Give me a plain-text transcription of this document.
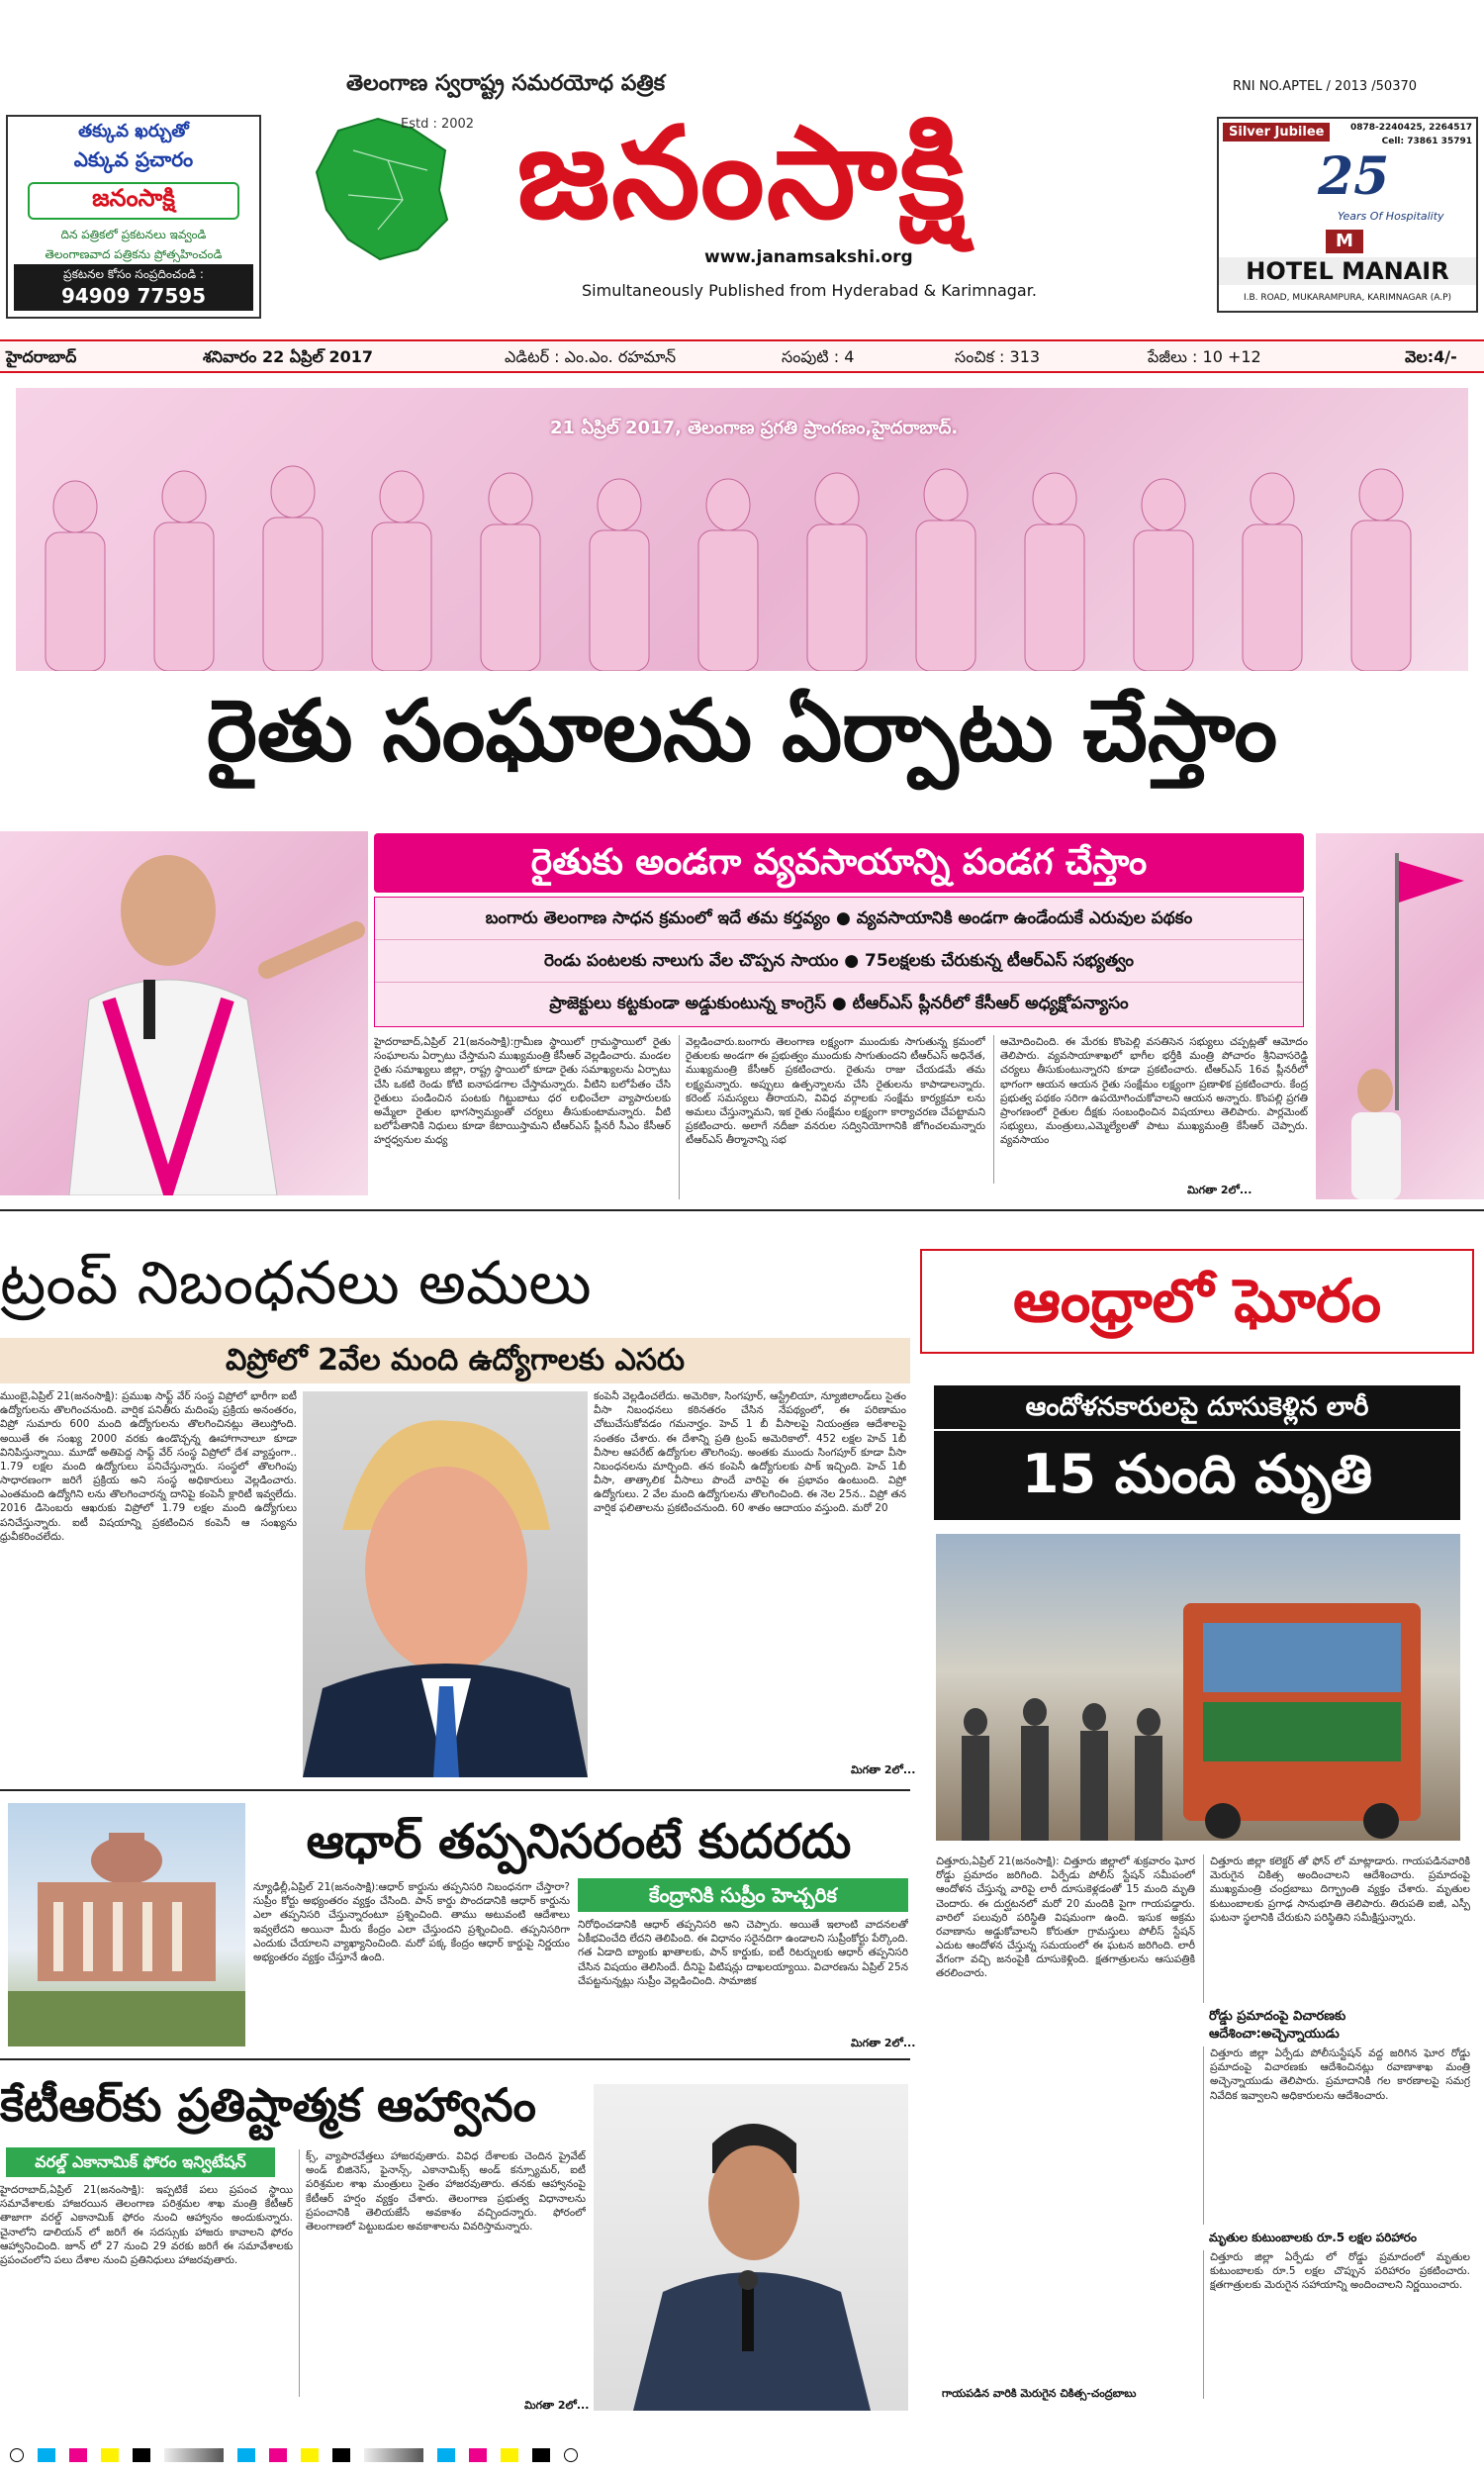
తక్కువ ఖర్చుతో
ఎక్కువ ప్రచారం
జనంసాక్షి
దిన పత్రికలో ప్రకటనలు ఇవ్వండి
తెలంగాణవాద పత్రికను ప్రోత్సహించండి
ప్రకటనల కోసం సంప్రదించండి :
94909 77595
తెలంగాణ స్వరాష్ట్ర సమరయోధ పత్రిక
Estd : 2002 జనంసాక్షి
www.janamsakshi.org
Simultaneously Published from Hyderabad & Karimnagar.
RNI NO.APTEL / 2013 /50370
Silver Jubilee	0878-2240425, 2264517
Cell: 73861 35791
25
Years Of Hospitality
M
HOTEL MANAIR
I.B. ROAD, MUKARAMPURA, KARIMNAGAR (A.P)
హైదరాబాద్	శనివారం 22 ఏప్రిల్ 2017	ఎడిటర్ : ఎం.ఎం. రహమాన్	సంపుటి : 4	సంచిక : 313	పేజీలు : 10 +12	వెల:4/-
21 ఏప్రిల్ 2017, తెలంగాణ ప్రగతి ప్రాంగణం,హైదరాబాద్.
రైతు సంఘాలను ఏర్పాటు చేస్తాం
రైతుకు అండగా వ్యవసాయాన్ని పండగ చేస్తాం
బంగారు తెలంగాణ సాధన క్రమంలో ఇదే తమ కర్తవ్యం ● వ్యవసాయానికి అండగా ఉండేందుకే ఎరువుల పథకం
రెండు పంటలకు నాలుగు వేల చొప్పన సాయం ● 75లక్షలకు చేరుకున్న టీఆర్ఎస్ సభ్యత్వం
ప్రాజెక్టులు కట్టకుండా అడ్డుకుంటున్న కాంగ్రెస్ ● టీఆర్ఎస్ ప్లీనరీలో కేసీఆర్ అధ్యక్షోపన్యాసం
హైదరాబాద్,ఏప్రిల్ 21(జనంసాక్షి):గ్రామీణ స్థాయిలో గ్రామస్థాయిలో రైతు సంఘాలను ఏర్పాటు చేస్తామని ముఖ్యమంత్రి కేసీఆర్ వెల్లడించారు. మండల రైతు సమాఖ్యలు జిల్లా, రాష్ట్ర స్థాయిలో కూడా రైతు సమాఖ్యలను ఏర్పాటు చేసి ఒకటి రెండు కోటి ఐనాపడగాల చేస్తామన్నారు. వీటిని బలోపేతం చేసి రైతులు పండించిన పంటకు గిట్టుబాటు ధర లభించేలా వ్యాపారులకు అమ్మేలా రైతుల భాగస్వామ్యంతో చర్యలు తీసుకుంటామన్నారు. వీటి బలోపేతానికి నిధులు కూడా కేటాయిస్తామని టీఆర్ఎస్ ప్లీనరీ సీఎం కేసీఆర్ హర్షధ్వనుల మధ్య
వెల్లడించారు.బంగారు తెలంగాణ లక్ష్యంగా ముందుకు సాగుతున్న క్రమంలో రైతులకు అండగా ఈ ప్రభుత్వం ముందుకు సాగుతుందని టీఆర్ఎస్ అధినేత, ముఖ్యమంత్రి కేసీఆర్ ప్రకటించారు. రైతును రాజు చేయడమే తమ లక్ష్యమన్నారు. అప్పులు ఉత్పన్నాలను చేసి రైతులను కాపాడాలన్నారు. కరెంట్ సమస్యలు తీరాయని, వివిధ వర్గాలకు సంక్షేమ కార్యక్రమా లను అమలు చేస్తున్నామని, ఇక రైతు సంక్షేమం లక్ష్యంగా కార్యాచరణ చేపట్టామని ప్రకటించారు. అలాగే నదీజా వనరుల సద్వినియోగానికి జోగించలమన్నారు టీఆర్ఎస్ తీర్మానాన్ని సభ
ఆమోదించింది. ఈ మేరకు కొంపెల్లి వసతిసెన సభ్యులు చప్పట్లతో ఆమోదం తెలిపారు. వ్యవసాయాశాఖలో భాగీల భర్తీకి మంత్రి పోచారం శ్రీనివాసరెడ్డి చర్యలు తీసుకుంటున్నారని కూడా ప్రకటించారు. టీఆర్ఎస్ 16వ ప్లీనరీలో భాగంగా ఆయన ఆయన రైతు సంక్షేమం లక్ష్యంగా ప్రణాళిక ప్రకటించారు. కేంద్ర ప్రభుత్వ పథకం సరిగా ఉపయోగించుకోవాలని ఆయన అన్నారు. కొంపల్లి ప్రగతి ప్రాంగణంలో రైతుల దీక్షకు సంబంధించిన విషయాలు తెలిపారు. పార్లమెంట్ సభ్యులు, మంత్రులు,ఎమ్మెల్యేలతో పాటు ముఖ్యమంత్రి కేసీఆర్ చెప్పారు. వ్యవసాయం
మిగతా 2లో...
ట్రంప్ నిబంధనలు అమలు
విప్రోలో 2వేల మంది ఉద్యోగాలకు ఎసరు
ముంబై,ఏప్రిల్ 21(జనంసాక్షి): ప్రముఖ సాఫ్ట్ వేర్ సంస్థ విప్రోలో భారీగా ఐటీ ఉద్యోగులను తొలగించనుంది. వార్షిక పనితీరు మదింపు ప్రక్రియ అనంతరం, విప్రో సుమారు 600 మంది ఉద్యోగులను తొలగించినట్లు తెలుస్తోంది. అయితే ఈ సంఖ్య 2000 వరకు ఉండొచ్చన్న ఊహాగానాలూ కూడా వినిపిస్తున్నాయి. మూడో అతిపెద్ద సాఫ్ట్ వేర్ సంస్థ విప్రోలో దేశ వ్యాప్తంగా.. 1.79 లక్షల మంది ఉద్యోగులు పనిచేస్తున్నారు. సంస్థలో తొలగింపు సాధారణంగా జరిగే ప్రక్రియ అని సంస్థ అధికారులు వెల్లడించారు. ఎంతమంది ఉద్యోగిని లను తొలగించారన్న దానిపై కంపెనీ క్లారిటీ ఇవ్వలేదు. 2016 డిసెంబరు ఆఖరుకు విప్రోలో 1.79 లక్షల మంది ఉద్యోగులు పనిచేస్తున్నారు. ఐటీ విషయాన్ని ప్రకటించిన కంపెనీ ఆ సంఖ్యను ధ్రువీకరించలేదు.
కంపెనీ వెల్లడించలేదు. అమెరికా, సింగపూర్, ఆస్ట్రేలియా, న్యూజిలాండ్‌లు సైతం వీసా నిబంధనలు కఠినతరం చేసిన నేపథ్యంలో, ఈ పరిణామం చోటుచేసుకోవడం గమనార్హం. హెచ్ 1 బీ వీసాలపై నియంత్రణ ఆదేశాలపై సంతకం చేశారు. ఈ దేశాన్ని ప్రతి ట్రంప్ అమెరికాలో. 452 లక్షల హెచ్ 1బీ వీసాల ఆపరేట్ ఉద్యోగుల తొలగింపు. అంతకు ముందు సింగపూర్ కూడా వీసా నిబంధనలను మార్చింది. తన కంపెనీ ఉద్యోగులకు పాక్ ఇచ్చింది. హెచ్ 1బీ వీసా, తాత్కాలిక వీసాలు పొందే వారిపై ఈ ప్రభావం ఉంటుంది. విప్రో ఉద్యోగులు. 2 వేల మంది ఉద్యోగులను తొలగించింది. ఈ నెల 25న.. విప్రో తన వార్షిక ఫలితాలను ప్రకటించనుంది. 60 శాతం ఆదాయం వస్తుంది. మరో 20
మిగతా 2లో...
ఆధార్ తప్పనిసరంటే కుదరదు
న్యూఢిల్లీ,ఏప్రిల్ 21(జనంసాక్షి):ఆధార్ కార్డును తప్పనిసరి నిబంధనగా చేస్తారా? సుప్రీం కోర్టు అభ్యంతరం వ్యక్తం చేసింది. పాన్ కార్డు పొందడానికి ఆధార్ కార్డును ఎలా తప్పనిసరి చేస్తున్నారంటూ ప్రశ్నించింది. తాము అటువంటి ఆదేశాలు ఇవ్వలేదని అయినా మీరు కేంద్రం ఎలా చేస్తుందని ప్రశ్నించింది. తప్పనిసరిగా ఎందుకు చేయాలని వ్యాఖ్యానించింది. మరో పక్క కేంద్రం ఆధార్ కార్డుపై నిర్ణయం అభ్యంతరం వ్యక్తం చేస్తూనే ఉంది.
కేంద్రానికి సుప్రీం హెచ్చరిక
నిరోధించడానికి ఆధార్ తప్పనిసరి అని చెప్పారు. అయితే ఇలాంటి వాదనలతో ఏకీభవించేది లేదని తెలిపింది. ఈ విధానం సరైనదిగా ఉండాలని సుప్రీంకోర్టు పేర్కొంది. గత ఏడాది బ్యాంకు ఖాతాలకు, పాన్ కార్డుకు, ఐటీ రిటర్నులకు ఆధార్ తప్పనిసరి చేసిన విషయం తెలిసిందే. దీనిపై పిటిషన్లు దాఖలయ్యాయి. విచారణను ఏప్రిల్ 25న చేపట్టనున్నట్లు సుప్రీం వెల్లడించింది. సామాజిక
మిగతా 2లో...
కేటీఆర్‌కు ప్రతిష్టాత్మక ఆహ్వానం
వరల్డ్ ఎకానామిక్ ఫోరం ఇన్విటేషన్
హైదరాబాద్,ఏప్రిల్ 21(జనంసాక్షి): ఇప్పటికే పలు ప్రపంచ స్థాయి సమావేశాలకు హాజరయిన తెలంగాణ పరిశ్రమల శాఖ మంత్రి కేటీఆర్ తాజాగా వరల్డ్ ఎకానామిక్ ఫోరం నుంచి ఆహ్వానం అందుకున్నారు. చైనాలోని డాలియన్ లో జరిగే ఈ సదస్సుకు హాజరు కావాలని ఫోరం ఆహ్వానించింది. జూన్ లో 27 నుంచి 29 వరకు జరిగే ఈ సమావేశాలకు ప్రపంచంలోని పలు దేశాల నుంచి ప్రతినిధులు హాజరవుతారు.
క్స్, వ్యాపారవేత్తలు హాజరవుతారు. వివిధ దేశాలకు చెందిన ప్రైవేట్ అండ్ బిజినెస్, ఫైనాన్స్, ఎకానామిక్స్ అండ్ కన్స్యూమర్, ఐటీ పరిశ్రమల శాఖ మంత్రులు సైతం హాజరవుతారు. తనకు ఆహ్వానంపై కేటీఆర్ హర్షం వ్యక్తం చేశారు. తెలంగాణ ప్రభుత్వ విధానాలను ప్రపంచానికి తెలియజేసే అవకాశం వచ్చిందన్నారు. ఫోరంలో తెలంగాణలో పెట్టుబడుల అవకాశాలను వివరిస్తామన్నారు.
మిగతా 2లో...
ఆంధ్రాలో ఘోరం
ఆందోళనకారులపై దూసుకెళ్లిన లారీ
15 మంది మృతి
చిత్తూరు,ఏప్రిల్ 21(జనంసాక్షి): చిత్తూరు జిల్లాలో శుక్రవారం ఘోర రోడ్డు ప్రమాదం జరిగింది. ఏర్పేడు పోలీస్ స్టేషన్ సమీపంలో ఆందోళన చేస్తున్న వారిపై లారీ దూసుకెళ్లడంతో 15 మంది మృతి చెందారు. ఈ దుర్ఘటనలో మరో 20 మందికి పైగా గాయపడ్డారు. వారిలో పలువురి పరిస్థితి విషమంగా ఉంది. ఇసుక అక్రమ రవాణాను అడ్డుకోవాలని కోరుతూ గ్రామస్తులు పోలీస్ స్టేషన్ ఎదుట ఆందోళన చేస్తున్న సమయంలో ఈ ఘటన జరిగింది. లారీ వేగంగా వచ్చి జనంపైకి దూసుకెళ్లింది. క్షతగాత్రులను ఆసుపత్రికి తరలించారు.
చిత్తూరు జిల్లా కలెక్టర్ తో ఫోన్ లో మాట్లాడారు. గాయపడినవారికి మెరుగైన చికిత్స అందించాలని ఆదేశించారు. ప్రమాదంపై ముఖ్యమంత్రి చంద్రబాబు దిగ్భ్రాంతి వ్యక్తం చేశారు. మృతుల కుటుంబాలకు ప్రగాఢ సానుభూతి తెలిపారు. తిరుపతి ఐజీ, ఎస్పీ ఘటనా స్థలానికి చేరుకుని పరిస్థితిని సమీక్షిస్తున్నారు.
రోడ్డు ప్రమాదంపై విచారణకు
ఆదేశించా:అచ్చెన్నాయుడు
చిత్తూరు జిల్లా ఏర్పేడు పోలీసుస్టేషన్ వద్ద జరిగిన ఘోర రోడ్డు ప్రమాదంపై విచారణకు ఆదేశించినట్లు రవాణాశాఖ మంత్రి అచ్చెన్నాయుడు తెలిపారు. ప్రమాదానికి గల కారణాలపై సమగ్ర నివేదిక ఇవ్వాలని అధికారులను ఆదేశించారు.
మృతుల కుటుంబాలకు రూ.5 లక్షల పరిహారం
చిత్తూరు జిల్లా ఏర్పేడు లో రోడ్డు ప్రమాదంలో మృతుల కుటుంబాలకు రూ.5 లక్షల చొప్పున పరిహారం ప్రకటించారు. క్షతగాత్రులకు మెరుగైన సహాయాన్ని అందించాలని నిర్ణయించారు.
గాయపడిన వారికి మెరుగైన చికిత్స-చంద్రబాబు
